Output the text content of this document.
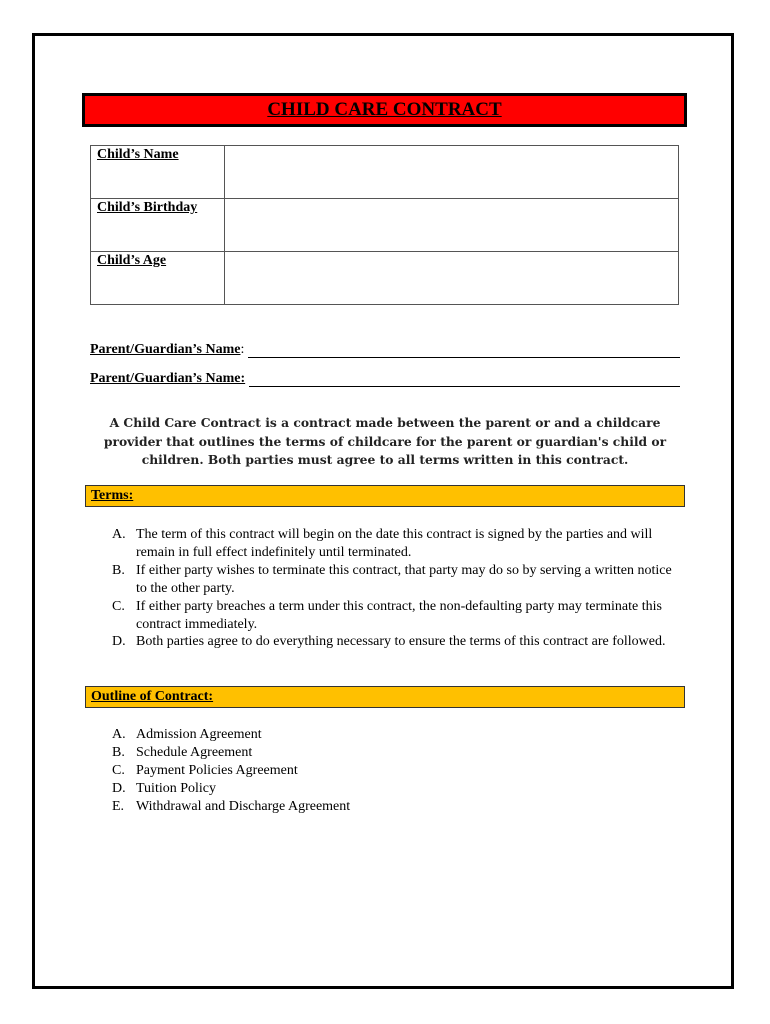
CHILD CARE CONTRACT
Child’s Name	
Child’s Birthday	
Child’s Age	
Parent/Guardian’s Name :
Parent/Guardian’s Name:
A Child Care Contract is a contract made between the parent or and a childcare provider that outlines the terms of childcare for the parent or guardian's child or children. Both parties must agree to all terms written in this contract.
Terms:
A. The term of this contract will begin on the date this contract is signed by the parties and will remain in full effect indefinitely until terminated.
B. If either party wishes to terminate this contract, that party may do so by serving a written notice to the other party.
C. If either party breaches a term under this contract, the non-defaulting party may terminate this contract immediately.
D. Both parties agree to do everything necessary to ensure the terms of this contract are followed.
Outline of Contract:
A. Admission Agreement
B. Schedule Agreement
C. Payment Policies Agreement
D. Tuition Policy
E. Withdrawal and Discharge Agreement
